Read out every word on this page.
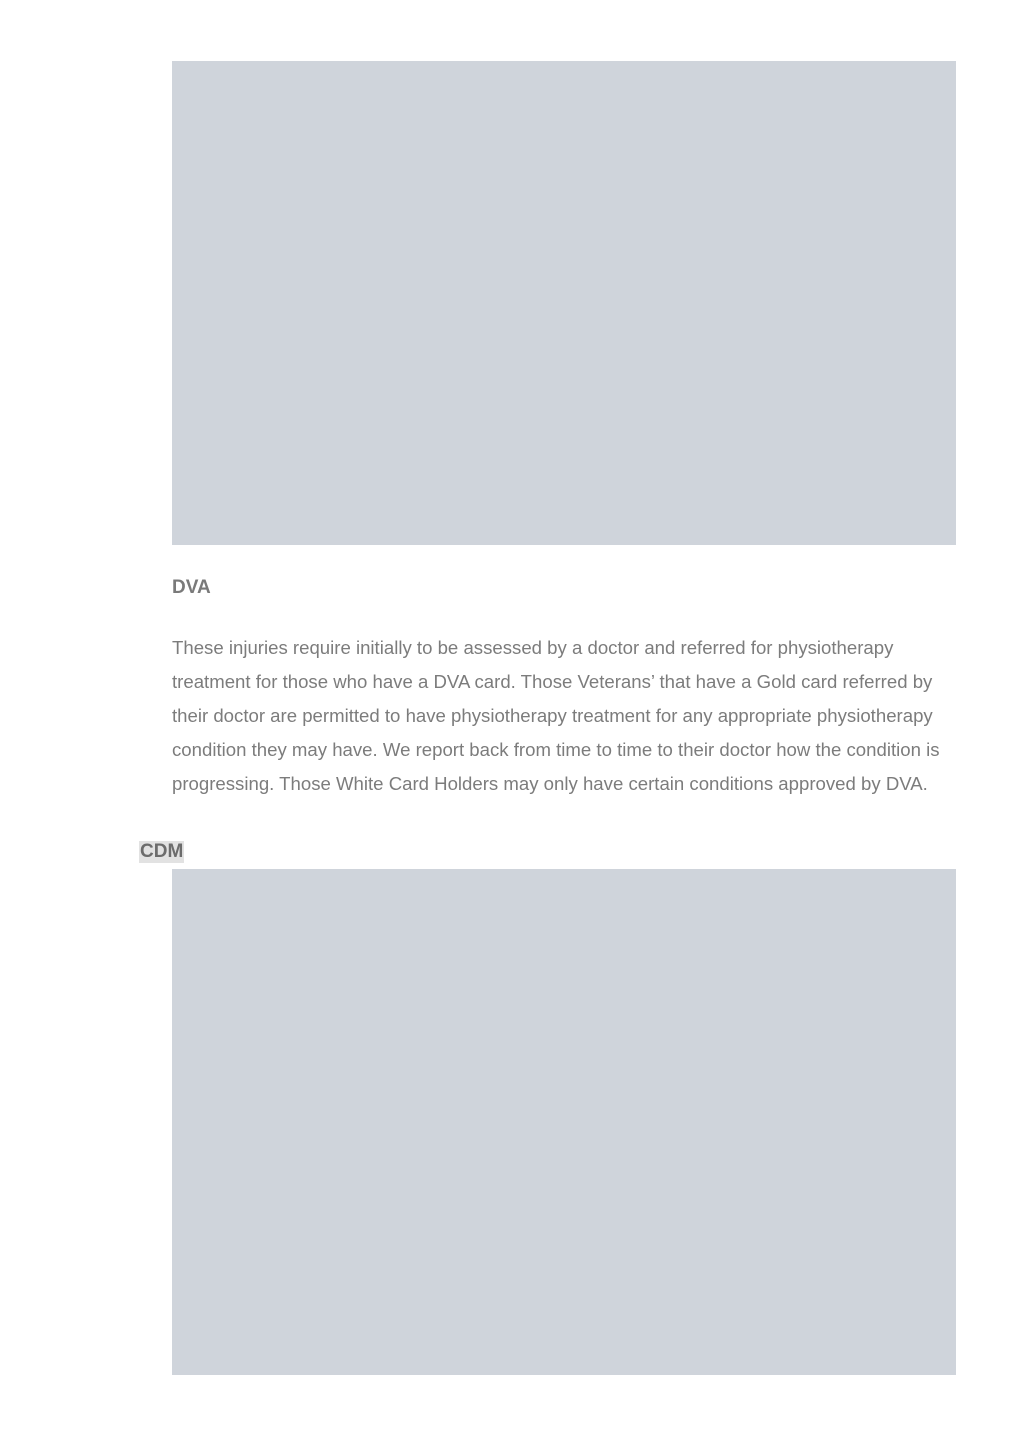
DVA

These injuries require initially to be assessed by a doctor and referred for physiotherapy treatment for those who have a DVA card. Those Veterans’ that have a Gold card referred by their doctor are permitted to have physiotherapy treatment for any appropriate physiotherapy condition they may have. We report back from time to time to their doctor how the condition is progressing. Those White Card Holders may only have certain conditions approved by DVA.

CDM
